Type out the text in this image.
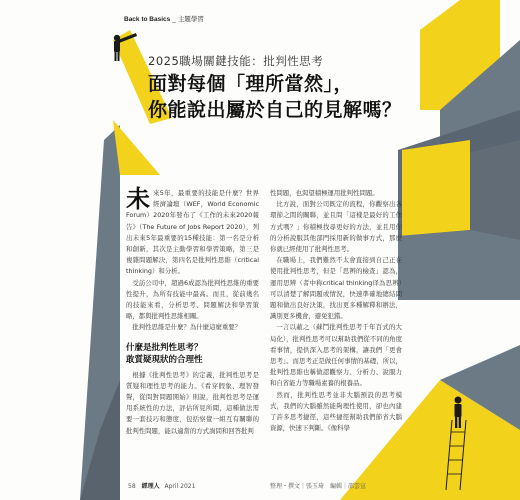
Back to Basics _ 主題學習
2025職場關鍵技能：批判性思考
面對每個「理所當然」，
你能說出屬於自己的見解嗎？
未 來5年，最重要的技能是什麼？世界經濟論壇（WEF，World Economic Forum）2020年發布了《工作的未來2020報告》（The Future of Jobs Report 2020），列出未來5年最重要的15種技能：第一名是分析和創新，其次是主動學習和學習策略，第三是複雜問題解決，第四名是批判性思維（critical thinking）和分析。

受訪公司中，超過6成認為批判性思維的重要性提升，為所有技能中最高。而且，從前幾名的技能來看，分析思考、問題解決和學習策略，都與批判性思維相關。

批判性思維是什麼？為什麼這麼重要？

什麼是批判性思考？
敢質疑現狀的合理性

根據《批判性思考》的定義，批判性思考是質疑和理性思考的能力。《看穿假象、理智發聲，從問對問題開始》則說，批判性思考是運用系統性的方法，評估所見所聞，這種做法需要一套技巧和態度，包括察覺一組互有關聯的批判性問題，能以適當的方式詢問和回答批判

性問題，也渴望積極運用批判性問題。

比方說，面對公司既定的流程，你觀察出各環節之間的關聯，並且問「這樣是最好的工作方式嗎？」你積極找尋更好的方法，並且用你的分析說服其他部門採用新的做事方式，那麼你就已經使用了批判性思考。

在職場上，我們難然不太會直接到自己正在使用批判性思考，但是「思辨的檢查」認為，運用思辨（者中称critical thinking译為思辨）可以清楚了解問題或情況，快速準確地總結問題和做出良好決策，找出更多種解釋和辦法，識別更多機會，避免犯錯。

一言以蔽之（蘇鬥批判性思考千年百式的大局化），批判性思考可以幫助我們從不同的角度看事情，提供深入思考的架構，讓我們「更會思考」。而思考正是做任何事情的基礎，所以，批判性思維也稱做認觀察力、分析力、說服力和自省能力等職場素養的根養品。

然而，批判性思考並非大腦預設的思考模式，我們的大腦雖然能夠理性使用，卻也內建了許多思考捷徑，這些捷徑幫助我們節省大腦資源，快速下判斷。《像科學

58 經理人 April 2021	整理・撰文｜張玉琦　編輯｜邵雲宣
